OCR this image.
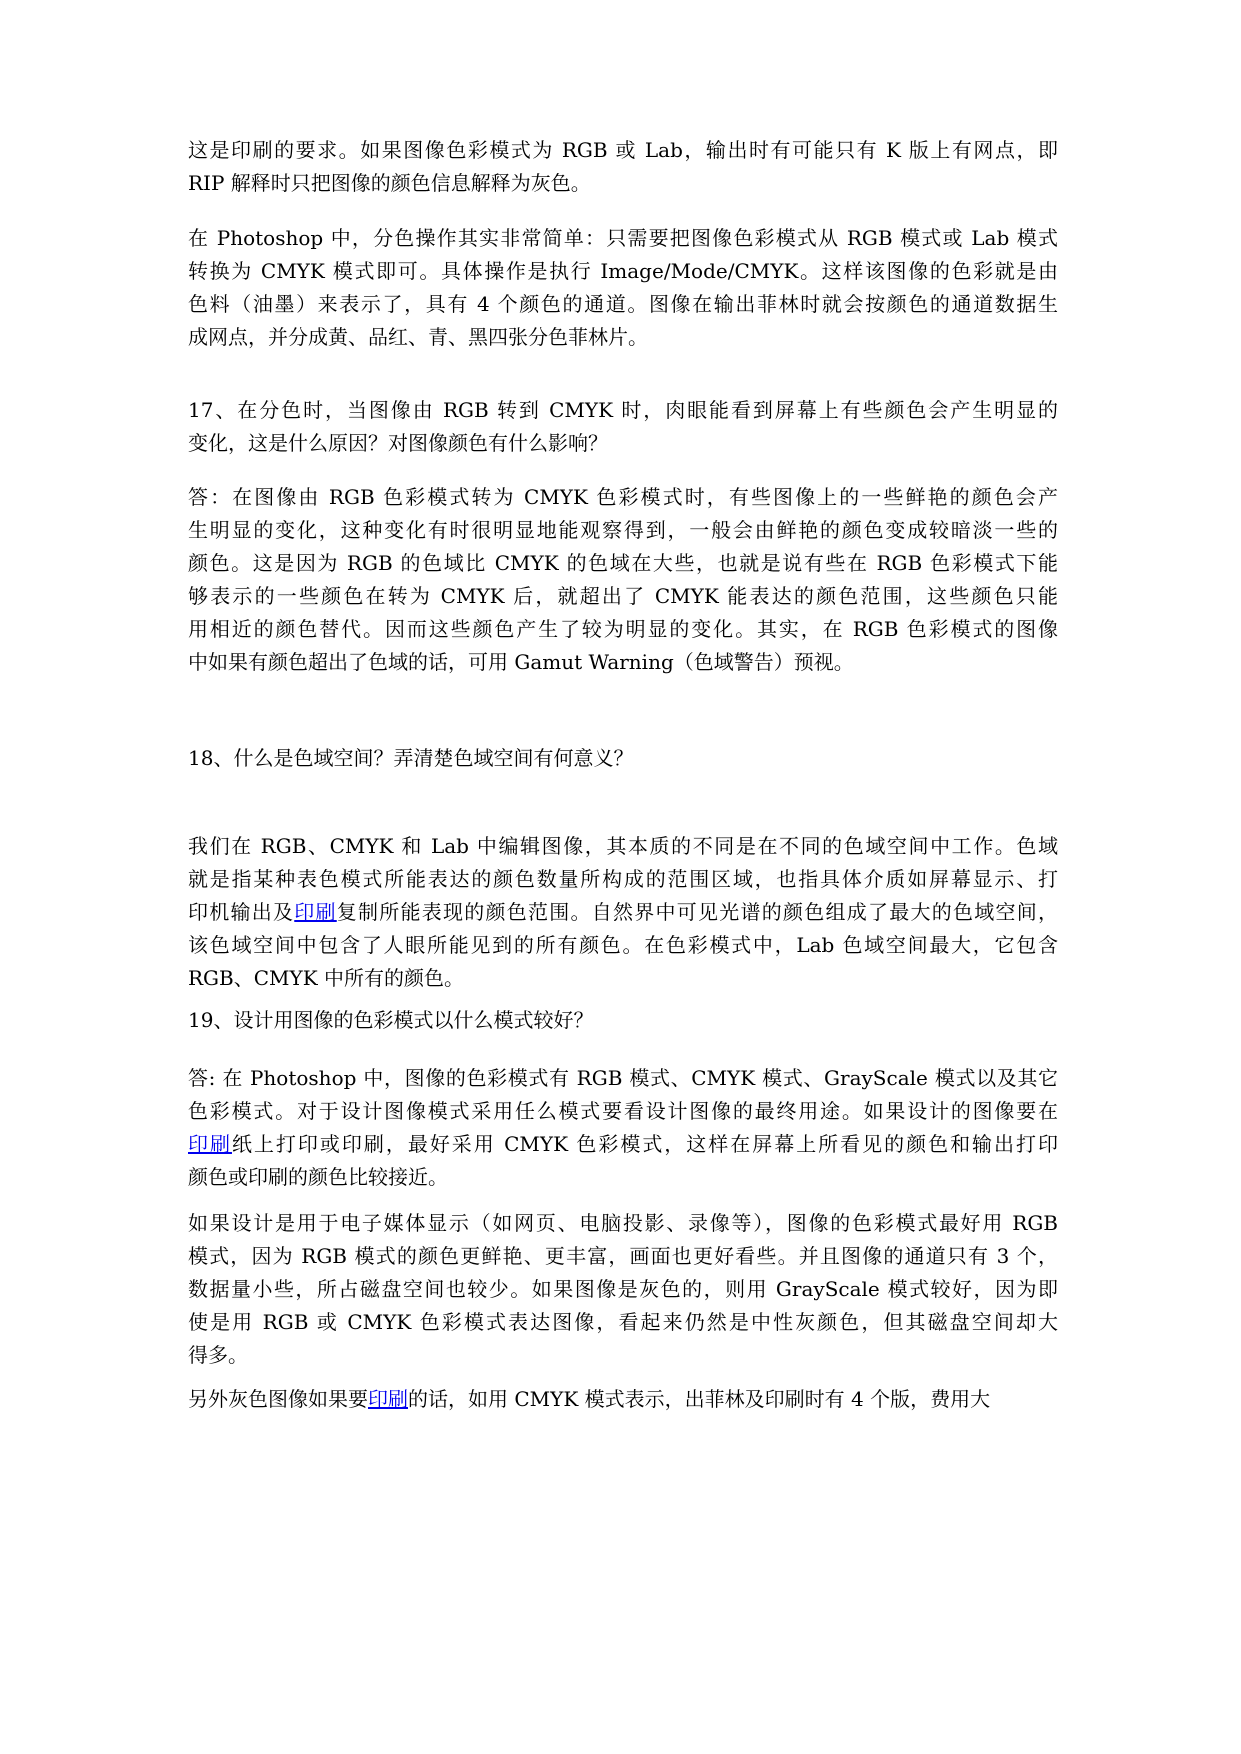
这是印刷的要求。如果图像色彩模式为 RGB 或 Lab，输出时有可能只有 K 版上有网点，即
RIP 解释时只把图像的颜色信息解释为灰色。
在 Photoshop 中，分色操作其实非常简单：只需要把图像色彩模式从 RGB 模式或 Lab 模式
转换为 CMYK 模式即可。具体操作是执行 Image/Mode/CMYK。这样该图像的色彩就是由
色料（油墨）来表示了，具有 4 个颜色的通道。图像在输出菲林时就会按颜色的通道数据生
成网点，并分成黄、品红、青、黑四张分色菲林片。
17、在分色时，当图像由 RGB 转到 CMYK 时，肉眼能看到屏幕上有些颜色会产生明显的
变化，这是什么原因？对图像颜色有什么影响？
答：在图像由 RGB 色彩模式转为 CMYK 色彩模式时，有些图像上的一些鲜艳的颜色会产
生明显的变化，这种变化有时很明显地能观察得到，一般会由鲜艳的颜色变成较暗淡一些的
颜色。这是因为 RGB 的色域比 CMYK 的色域在大些，也就是说有些在 RGB 色彩模式下能
够表示的一些颜色在转为 CMYK 后，就超出了 CMYK 能表达的颜色范围，这些颜色只能
用相近的颜色替代。因而这些颜色产生了较为明显的变化。其实，在 RGB 色彩模式的图像
中如果有颜色超出了色域的话，可用 Gamut Warning（色域警告）预视。
18、什么是色域空间？弄清楚色域空间有何意义？
我们在 RGB、CMYK 和 Lab 中编辑图像，其本质的不同是在不同的色域空间中工作。色域
就是指某种表色模式所能表达的颜色数量所构成的范围区域，也指具体介质如屏幕显示、打
印机输出及印刷复制所能表现的颜色范围。自然界中可见光谱的颜色组成了最大的色域空间，
该色域空间中包含了人眼所能见到的所有颜色。在色彩模式中，Lab 色域空间最大，它包含
RGB、CMYK 中所有的颜色。
19、设计用图像的色彩模式以什么模式较好？
答: 在 Photoshop 中，图像的色彩模式有 RGB 模式、CMYK 模式、GrayScale 模式以及其它
色彩模式。对于设计图像模式采用任么模式要看设计图像的最终用途。如果设计的图像要在
印刷纸上打印或印刷，最好采用 CMYK 色彩模式，这样在屏幕上所看见的颜色和输出打印
颜色或印刷的颜色比较接近。
如果设计是用于电子媒体显示（如网页、电脑投影、录像等），图像的色彩模式最好用 RGB
模式，因为 RGB 模式的颜色更鲜艳、更丰富，画面也更好看些。并且图像的通道只有 3 个，
数据量小些，所占磁盘空间也较少。如果图像是灰色的，则用 GrayScale 模式较好，因为即
使是用 RGB 或 CMYK 色彩模式表达图像，看起来仍然是中性灰颜色，但其磁盘空间却大
得多。
另外灰色图像如果要印刷的话，如用 CMYK 模式表示，出菲林及印刷时有 4 个版，费用大
